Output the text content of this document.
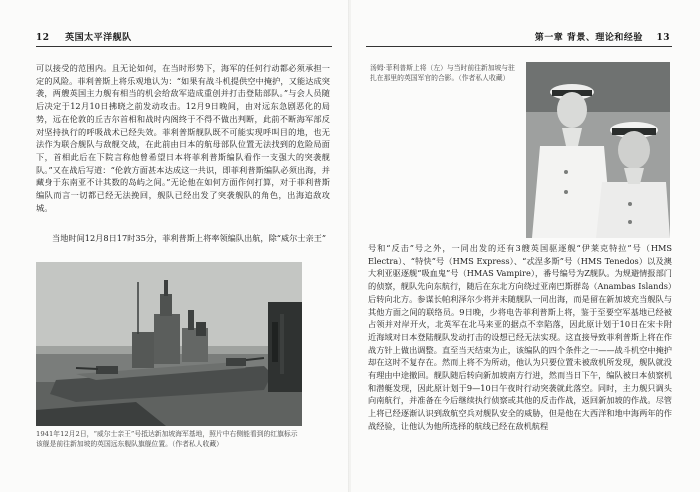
12 英国太平洋舰队

可以接受的范围内。且无论如何，在当时形势下，海军的任何行动都必须承担一定的风险。菲利普斯上将乐观地认为：“如果有战斗机提供空中掩护，又能达成突袭，两艘英国主力舰有相当的机会给敌军造成重创并打击登陆部队。”与会人员随后决定于12月10日拂晓之前发动攻击。12月9日晚间，由对远东急剧恶化的局势，远在伦敦的丘吉尔首相和战时内阁终于不得不做出判断，此前不断海军部反对坚持执行的呼吸战术已经失效。菲利普斯舰队既不可能实现呼叫目的地，也无法作为联合舰队与敌舰交战，在此前由日本的航母部队位置无法找到的危险局面下，首相此后在下院言称他曾希望日本将菲利普斯编队看作一支强大的突袭舰队。”又在战后写道：“伦敦方面甚本达成这一共识，即菲利普斯编队必须出海，并藏身于东南亚不计其数的岛屿之间。”无论他在如何方面作何打算，对于菲利普斯编队而言一切都已经无法挽回，舰队已经出发了突袭舰队的角色，出海追敌攻城。

当地时间12月8日17时35分，菲利普斯上将率领编队出航，除“威尔士亲王”

1941年12月2日，“威尔士亲王”号抵达新加坡海军基地，照片中右侧能看到的红旗标示该舰是前往新加坡的英国远东舰队旗舰位置。（作者私人收藏）
第一章 背景、理论和经验 13
汤姆·菲利普斯上将（左）与当时前往新加坡与驻扎在那里的英国军官的合影。（作者私人收藏）

号和“反击”号之外，一同出发的还有3艘英国驱逐舰“伊莱克特拉”号（HMS Electra）、“特快”号（HMS Express）、“忒涅多斯”号（HMS Tenedos）以及澳大利亚驱逐舰“吸血鬼”号（HMAS Vampire），番号编号为Z舰队。为规避情报部门的侦察，舰队先向东航行，随后在东北方向绕过亚南巴斯群岛（Anambas Islands）后转向北方。参谋长帕利泽尔少将并未随舰队一同出海，而是留在新加坡充当舰队与其他方面之间的联络员。9日晚，少将电告菲利普斯上将，鉴于至要空军基地已经被占领并对岸开火，北英军在北马来亚的据点不幸陷落，因此原计划于10日在宋卡附近海域对日本登陆舰队发动打击的设想已经无法实现。这直接导致菲利普斯上将在作战方针上做出调整。直至当天结束为止，该编队的四个条件之一——战斗机空中掩护却在这时不复存在。然而上将不为所动，他认为只要位置未被敌机所发现，舰队就没有理由中途撤回。舰队随后转向新加坡南方行进，然而当日下午，编队被日本侦察机和潜艇发现，因此原计划于9—10日午夜时行动突袭就此落空。同时，主力舰只调头向南航行，并准备在今后继续执行侦察或其他的反击作战，返回新加坡的作战。尽管上将已经逐渐认识到敌航空兵对舰队安全的威胁，但是他在大西洋和地中海两年的作战经验，让他认为他所选择的航线已经在敌机航程
